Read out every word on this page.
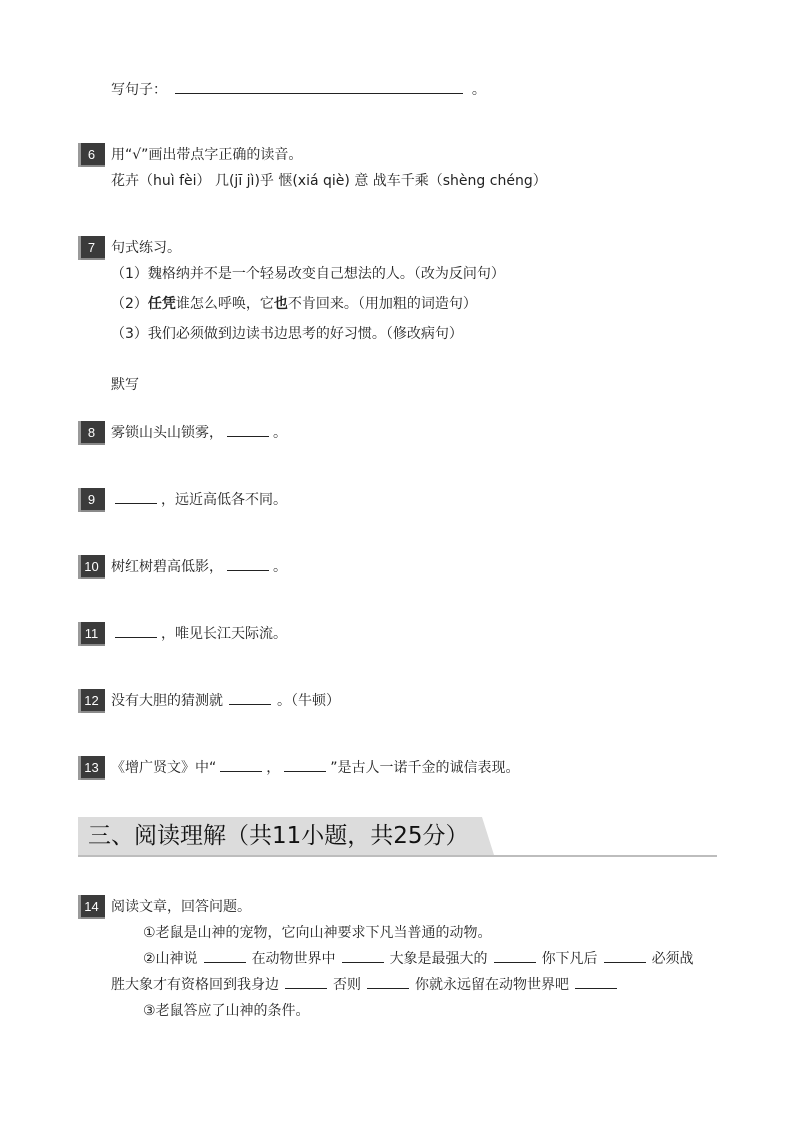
写句子：	。
6	用“√”画出带点字正确的读音。
花卉（huì fèi） 几(jī jì)乎 惬(xiá qiè) 意 战车千乘（shèng chéng）
7	句式练习。
（1）魏格纳并不是一个轻易改变自己想法的人。（改为反问句）
（2）任凭谁怎么呼唤，它也不肯回来。（用加粗的词造句）
（3）我们必须做到边读书边思考的好习惯。（修改病句）
默写
8	雾锁山头山锁雾，	。
9	，远近高低各不同。
10 树红树碧高低影，	。
11	，唯见长江天际流。
12 没有大胆的猜测就	。（牛顿）
13 《增广贤文》中“	，	”是古人一诺千金的诚信表现。
三、阅读理解（共11小题，共25分）
14 阅读文章，回答问题。
①老鼠是山神的宠物，它向山神要求下凡当普通的动物。
②山神说	在动物世界中	大象是最强大的	你下凡后	必须战
胜大象才有资格回到我身边	否则	你就永远留在动物世界吧
③老鼠答应了山神的条件。
